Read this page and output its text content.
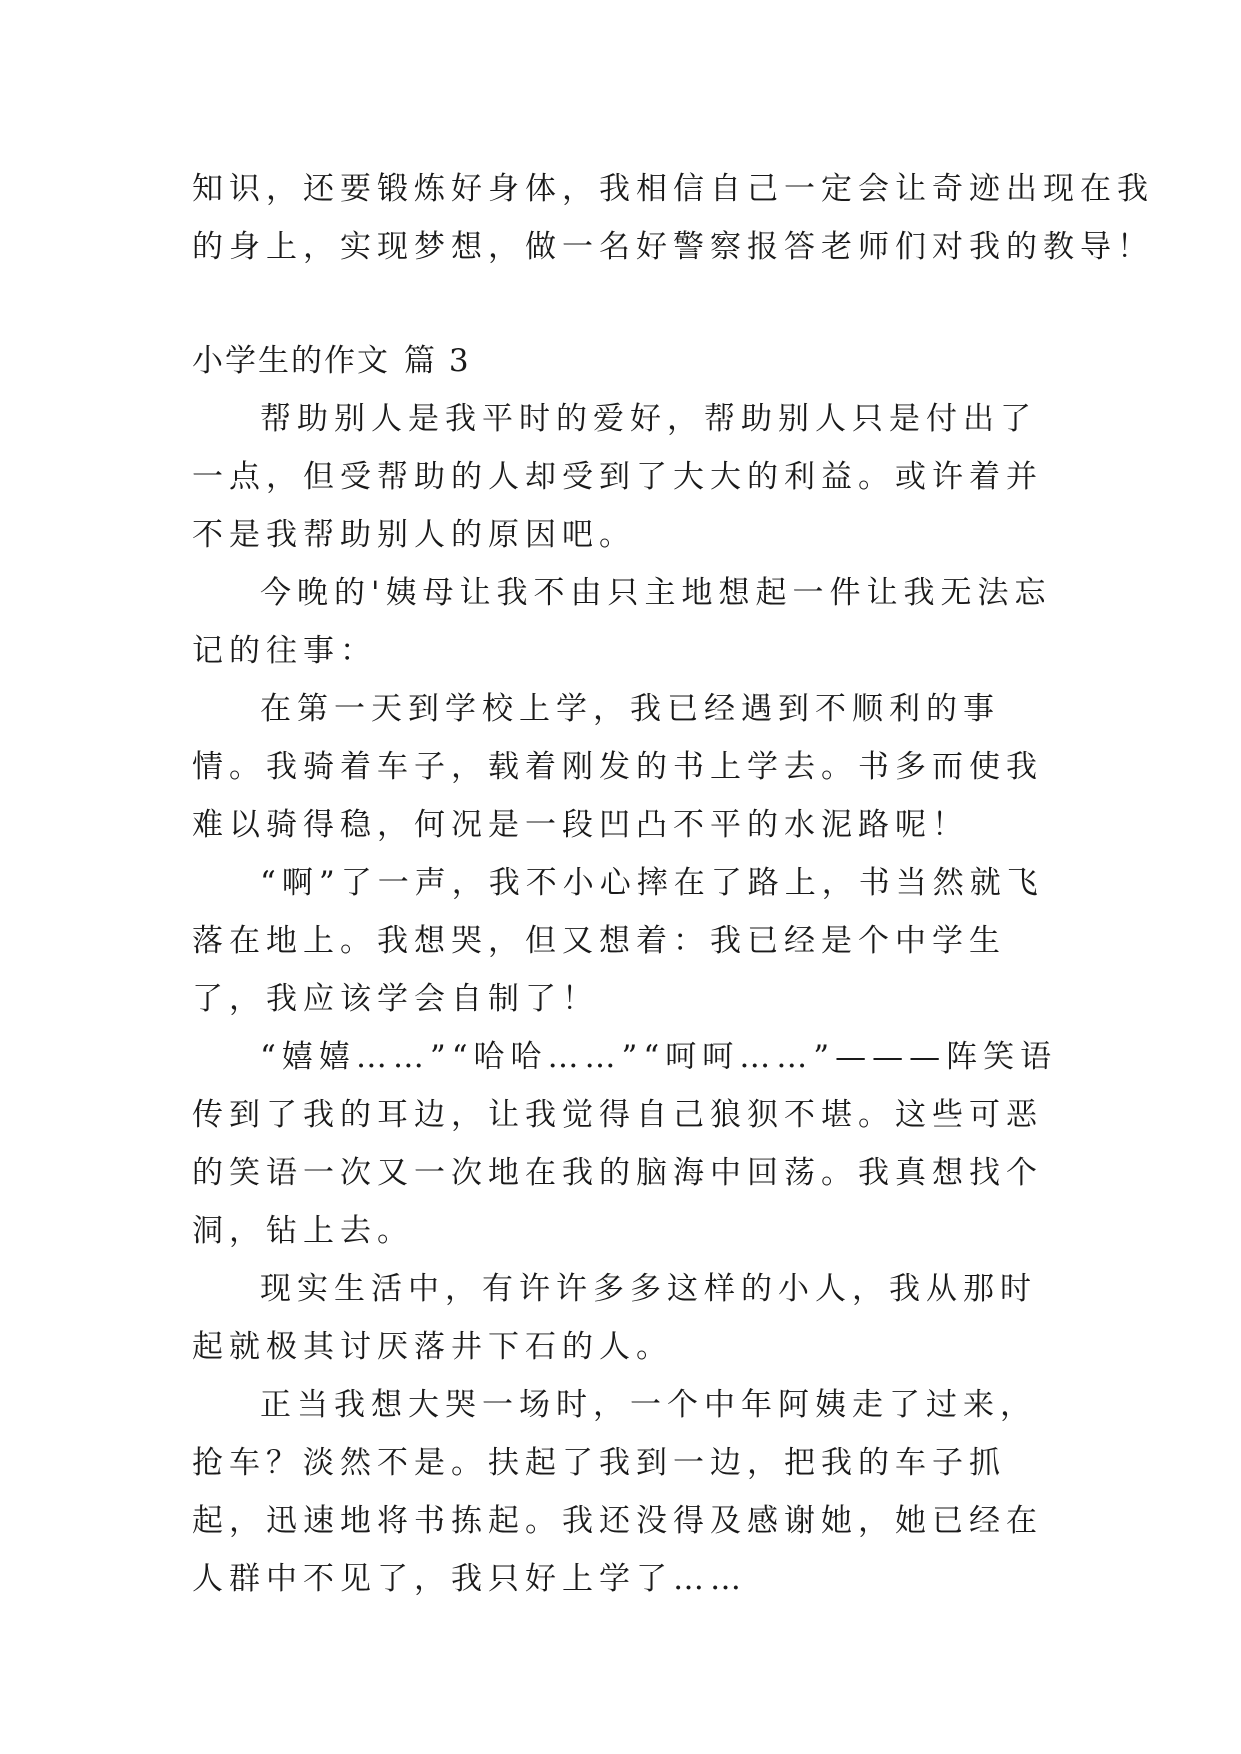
知识，还要锻炼好身体，我相信自己一定会让奇迹出现在我

的身上，实现梦想，做一名好警察报答老师们对我的教导！

小学生的作文 篇 3

帮助别人是我平时的爱好，帮助别人只是付出了一点，但受帮助的人却受到了大大的利益。或许着并不是我帮助别人的原因吧。

今晚的'姨母让我不由只主地想起一件让我无法忘记的往事：

在第一天到学校上学，我已经遇到不顺利的事情。我骑着车子，载着刚发的书上学去。书多而使我难以骑得稳，何况是一段凹凸不平的水泥路呢！

“啊”了一声，我不小心摔在了路上，书当然就飞落在地上。我想哭，但又想着：我已经是个中学生了，我应该学会自制了！

“嬉嬉……”“哈哈……”“呵呵……”———阵笑语传到了我的耳边，让我觉得自己狼狈不堪。这些可恶的笑语一次又一次地在我的脑海中回荡。我真想找个洞，钻上去。

现实生活中，有许许多多这样的小人，我从那时起就极其讨厌落井下石的人。

正当我想大哭一场时，一个中年阿姨走了过来，抢车？淡然不是。扶起了我到一边，把我的车子抓起，迅速地将书拣起。我还没得及感谢她，她已经在人群中不见了，我只好上学了……
